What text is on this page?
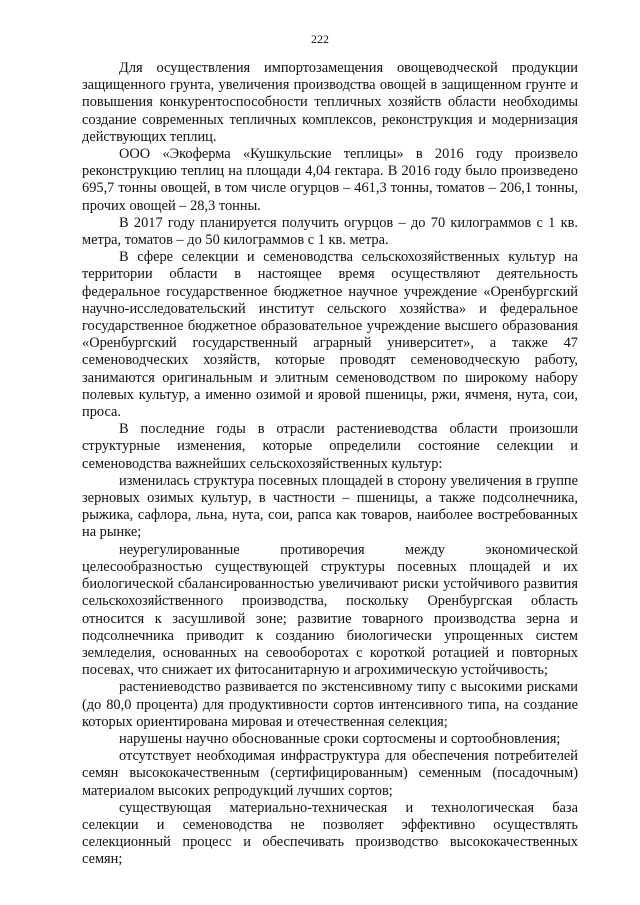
222

Для осуществления импортозамещения овощеводческой продукции защищенного грунта, увеличения производства овощей в защищенном грунте и повышения конкурентоспособности тепличных хозяйств области необходимы создание современных тепличных комплексов, реконструкция и модернизация действующих теплиц.

ООО «Экоферма «Кушкульские теплицы» в 2016 году произвело реконструкцию теплиц на площади 4,04 гектара. В 2016 году было произведено 695,7 тонны овощей, в том числе огурцов – 461,3 тонны, томатов – 206,1 тонны, прочих овощей – 28,3 тонны.

В 2017 году планируется получить огурцов – до 70 килограммов с 1 кв. метра, томатов – до 50 килограммов с 1 кв. метра.

В сфере селекции и семеноводства сельскохозяйственных культур на территории области в настоящее время осуществляют деятельность федеральное государственное бюджетное научное учреждение «Оренбургский научно-исследовательский институт сельского хозяйства» и федеральное государственное бюджетное образовательное учреждение высшего образования «Оренбургский государственный аграрный университет», а также 47 семеноводческих хозяйств, которые проводят семеноводческую работу, занимаются оригинальным и элитным семеноводством по широкому набору полевых культур, а именно озимой и яровой пшеницы, ржи, ячменя, нута, сои, проса.

В последние годы в отрасли растениеводства области произошли структурные изменения, которые определили состояние селекции и семеноводства важнейших сельскохозяйственных культур:

изменилась структура посевных площадей в сторону увеличения в группе зерновых озимых культур, в частности – пшеницы, а также подсолнечника, рыжика, сафлора, льна, нута, сои, рапса как товаров, наиболее востребованных на рынке;

неурегулированные противоречия между экономической целесообразностью существующей структуры посевных площадей и их биологической сбалансированностью увеличивают риски устойчивого развития сельскохозяйственного производства, поскольку Оренбургская область относится к засушливой зоне; развитие товарного производства зерна и подсолнечника приводит к созданию биологически упрощенных систем земледелия, основанных на севооборотах с короткой ротацией и повторных посевах, что снижает их фитосанитарную и агрохимическую устойчивость;

растениеводство развивается по экстенсивному типу с высокими рисками (до 80,0 процента) для продуктивности сортов интенсивного типа, на создание которых ориентирована мировая и отечественная селекция;

нарушены научно обоснованные сроки сортосмены и сортообновления;

отсутствует необходимая инфраструктура для обеспечения потребителей семян высококачественным (сертифицированным) семенным (посадочным) материалом высоких репродукций лучших сортов;

существующая материально-техническая и технологическая база селекции и семеноводства не позволяет эффективно осуществлять селекционный процесс и обеспечивать производство высококачественных семян;
